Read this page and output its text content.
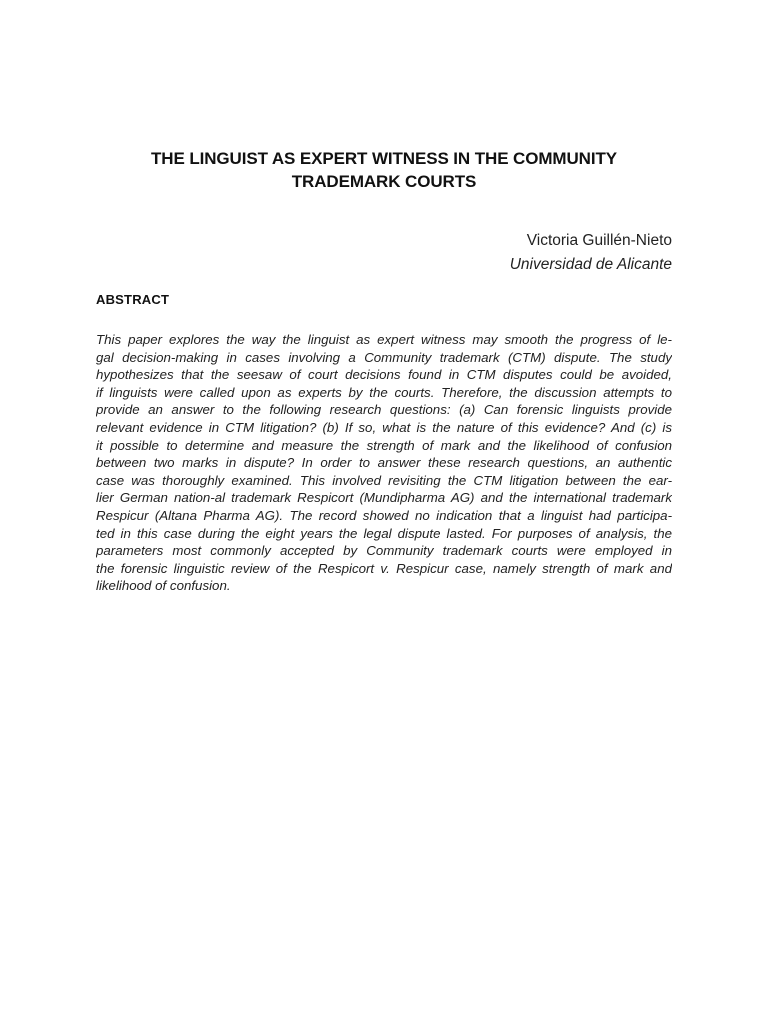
THE LINGUIST AS EXPERT WITNESS IN THE COMMUNITY
TRADEMARK COURTS
Victoria Guillén-Nieto
Universidad de Alicante
ABSTRACT
This paper explores the way the linguist as expert witness may smooth the progress of le-
gal decision-making in cases involving a Community trademark (CTM) dispute. The study
hypothesizes that the seesaw of court decisions found in CTM disputes could be avoided,
if linguists were called upon as experts by the courts. Therefore, the discussion attempts to
provide an answer to the following research questions: (a) Can forensic linguists provide
relevant evidence in CTM litigation? (b) If so, what is the nature of this evidence? And (c) is
it possible to determine and measure the strength of mark and the likelihood of confusion
between two marks in dispute? In order to answer these research questions, an authentic
case was thoroughly examined. This involved revisiting the CTM litigation between the ear-
lier German nation-al trademark Respicort (Mundipharma AG) and the international trademark
Respicur (Altana Pharma AG). The record showed no indication that a linguist had participa-
ted in this case during the eight years the legal dispute lasted. For purposes of analysis, the
parameters most commonly accepted by Community trademark courts were employed in
the forensic linguistic review of the Respicort v. Respicur case, namely strength of mark and
likelihood of confusion.
